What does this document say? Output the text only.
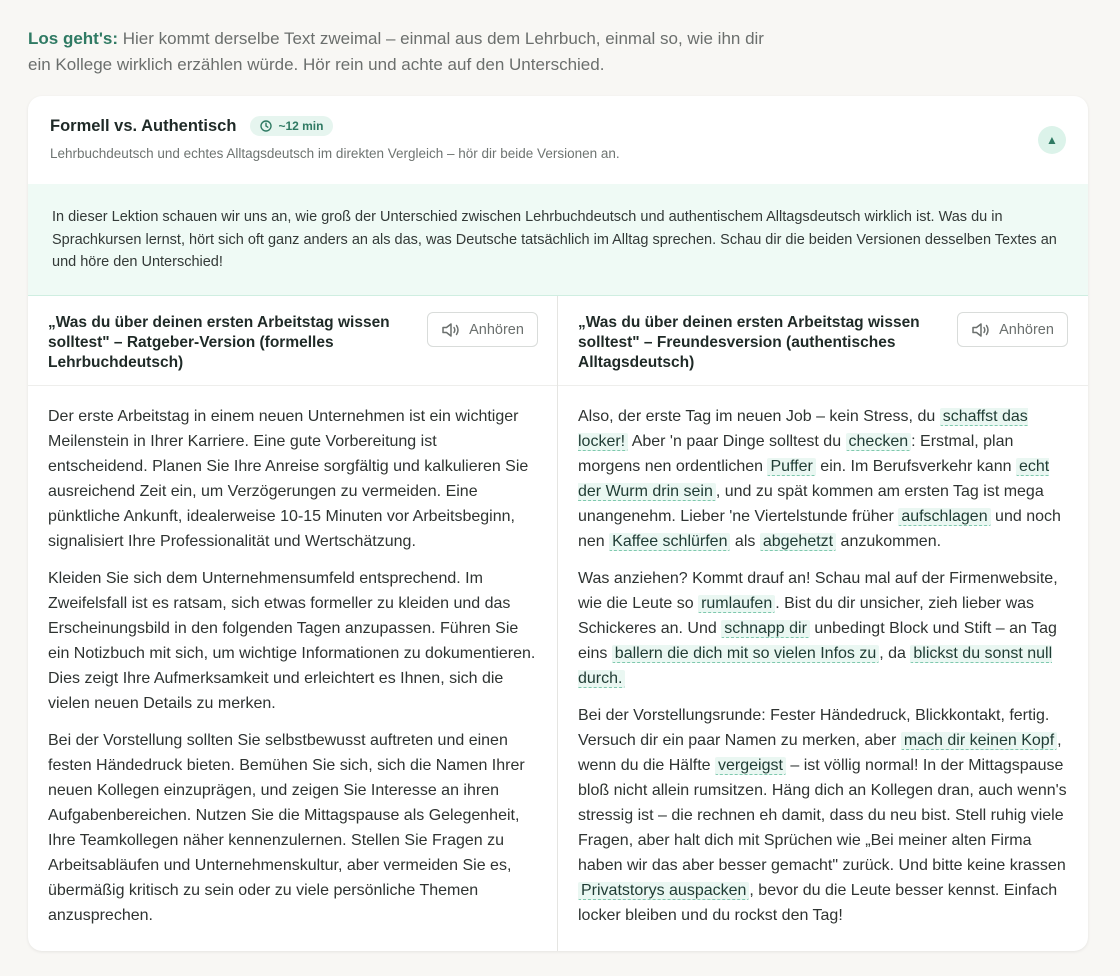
Los geht's: Hier kommt derselbe Text zweimal – einmal aus dem Lehrbuch, einmal so, wie ihn dir ein Kollege wirklich erzählen würde. Hör rein und achte auf den Unterschied.
Formell vs. Authentisch	~12 min
Lehrbuchdeutsch und echtes Alltagsdeutsch im direkten Vergleich – hör dir beide Versionen an.
▲
In dieser Lektion schauen wir uns an, wie groß der Unterschied zwischen Lehrbuchdeutsch und authentischem Alltagsdeutsch wirklich ist. Was du in Sprachkursen lernst, hört sich oft ganz anders an als das, was Deutsche tatsächlich im Alltag sprechen. Schau dir die beiden Versionen desselben Textes an und höre den Unterschied!
„Was du über deinen ersten Arbeitstag wissen solltest" – Ratgeber-Version (formelles Lehrbuchdeutsch)
Anhören

Der erste Arbeitstag in einem neuen Unternehmen ist ein wichtiger Meilenstein in Ihrer Karriere. Eine gute Vorbereitung ist entscheidend. Planen Sie Ihre Anreise sorgfältig und kalkulieren Sie ausreichend Zeit ein, um Verzögerungen zu vermeiden. Eine pünktliche Ankunft, idealerweise 10-15 Minuten vor Arbeitsbeginn, signalisiert Ihre Professionalität und Wertschätzung.

Kleiden Sie sich dem Unternehmensumfeld entsprechend. Im Zweifelsfall ist es ratsam, sich etwas formeller zu kleiden und das Erscheinungsbild in den folgenden Tagen anzupassen. Führen Sie ein Notizbuch mit sich, um wichtige Informationen zu dokumentieren. Dies zeigt Ihre Aufmerksamkeit und erleichtert es Ihnen, sich die vielen neuen Details zu merken.

Bei der Vorstellung sollten Sie selbstbewusst auftreten und einen festen Händedruck bieten. Bemühen Sie sich, sich die Namen Ihrer neuen Kollegen einzuprägen, und zeigen Sie Interesse an ihren Aufgabenbereichen. Nutzen Sie die Mittagspause als Gelegenheit, Ihre Teamkollegen näher kennenzulernen. Stellen Sie Fragen zu Arbeitsabläufen und Unternehmenskultur, aber vermeiden Sie es, übermäßig kritisch zu sein oder zu viele persönliche Themen anzusprechen.

„Was du über deinen ersten Arbeitstag wissen solltest" – Freundesversion (authentisches Alltagsdeutsch)
Anhören

Also, der erste Tag im neuen Job – kein Stress, du schaffst das locker! Aber 'n paar Dinge solltest du checken : Erstmal, plan morgens nen ordentlichen Puffer ein. Im Berufsverkehr kann echt der Wurm drin sein , und zu spät kommen am ersten Tag ist mega unangenehm. Lieber 'ne Viertelstunde früher aufschlagen und noch nen Kaffee schlürfen als abgehetzt anzukommen.

Was anziehen? Kommt drauf an! Schau mal auf der Firmenwebsite, wie die Leute so rumlaufen . Bist du dir unsicher, zieh lieber was Schickeres an. Und schnapp dir unbedingt Block und Stift – an Tag eins ballern die dich mit so vielen Infos zu , da blickst du sonst null durch.

Bei der Vorstellungsrunde: Fester Händedruck, Blickkontakt, fertig. Versuch dir ein paar Namen zu merken, aber mach dir keinen Kopf , wenn du die Hälfte vergeigst – ist völlig normal! In der Mittagspause bloß nicht allein rumsitzen. Häng dich an Kollegen dran, auch wenn's stressig ist – die rechnen eh damit, dass du neu bist. Stell ruhig viele Fragen, aber halt dich mit Sprüchen wie „Bei meiner alten Firma haben wir das aber besser gemacht" zurück. Und bitte keine krassen Privatstorys auspacken , bevor du die Leute besser kennst. Einfach locker bleiben und du rockst den Tag!
